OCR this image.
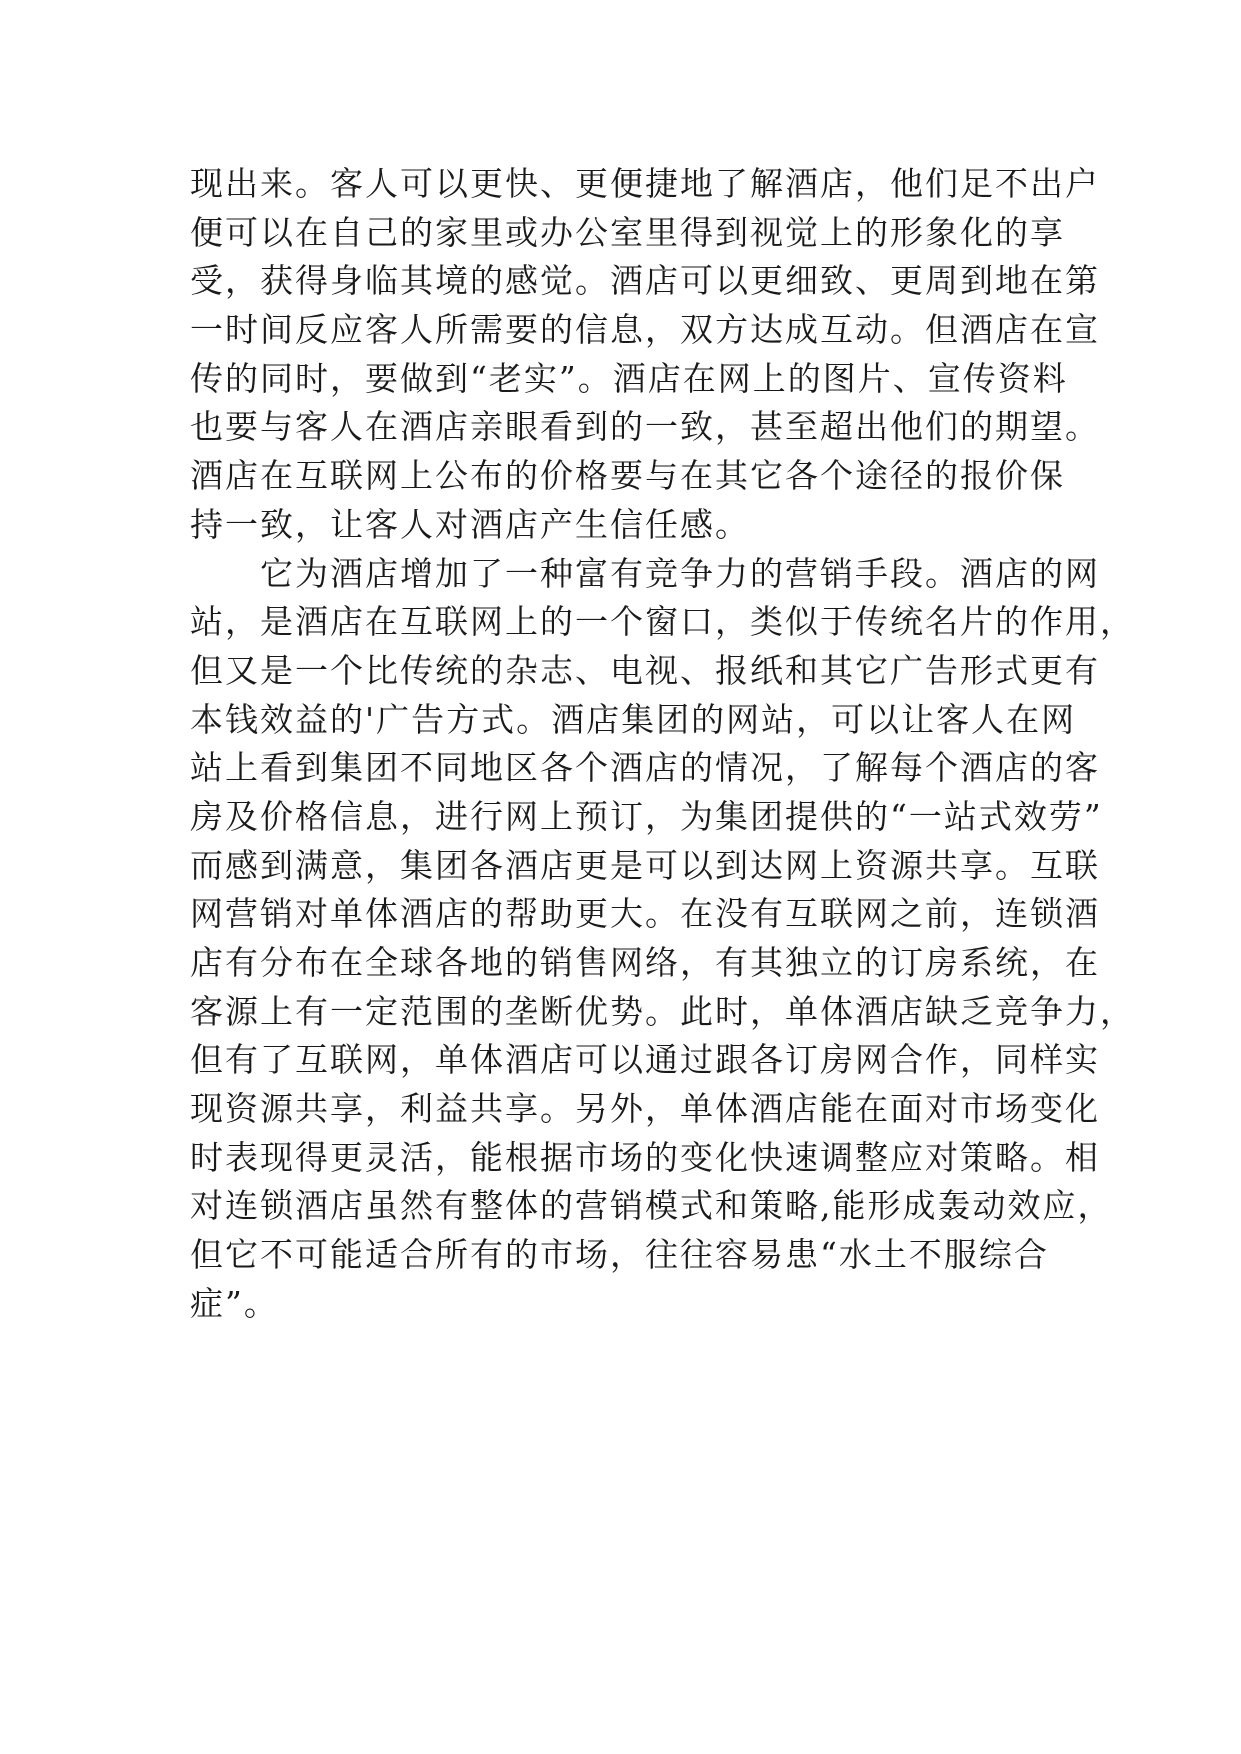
现出来。客人可以更快、更便捷地了解酒店，他们足不出户
便可以在自己的家里或办公室里得到视觉上的形象化的享
受，获得身临其境的感觉。酒店可以更细致、更周到地在第
一时间反应客人所需要的信息，双方达成互动。但酒店在宣
传的同时，要做到“老实”。酒店在网上的图片、宣传资料
也要与客人在酒店亲眼看到的一致，甚至超出他们的期望。
酒店在互联网上公布的价格要与在其它各个途径的报价保
持一致，让客人对酒店产生信任感。
　　它为酒店增加了一种富有竞争力的营销手段。酒店的网
站，是酒店在互联网上的一个窗口，类似于传统名片的作用，
但又是一个比传统的杂志、电视、报纸和其它广告形式更有
本钱效益的'广告方式。酒店集团的网站，可以让客人在网
站上看到集团不同地区各个酒店的情况，了解每个酒店的客
房及价格信息，进行网上预订，为集团提供的“一站式效劳”
而感到满意，集团各酒店更是可以到达网上资源共享。互联
网营销对单体酒店的帮助更大。在没有互联网之前，连锁酒
店有分布在全球各地的销售网络，有其独立的订房系统，在
客源上有一定范围的垄断优势。此时，单体酒店缺乏竞争力，
但有了互联网，单体酒店可以通过跟各订房网合作，同样实
现资源共享，利益共享。另外，单体酒店能在面对市场变化
时表现得更灵活，能根据市场的变化快速调整应对策略。相
对连锁酒店虽然有整体的营销模式和策略,能形成轰动效应，
但它不可能适合所有的市场，往往容易患“水土不服综合
症”。
